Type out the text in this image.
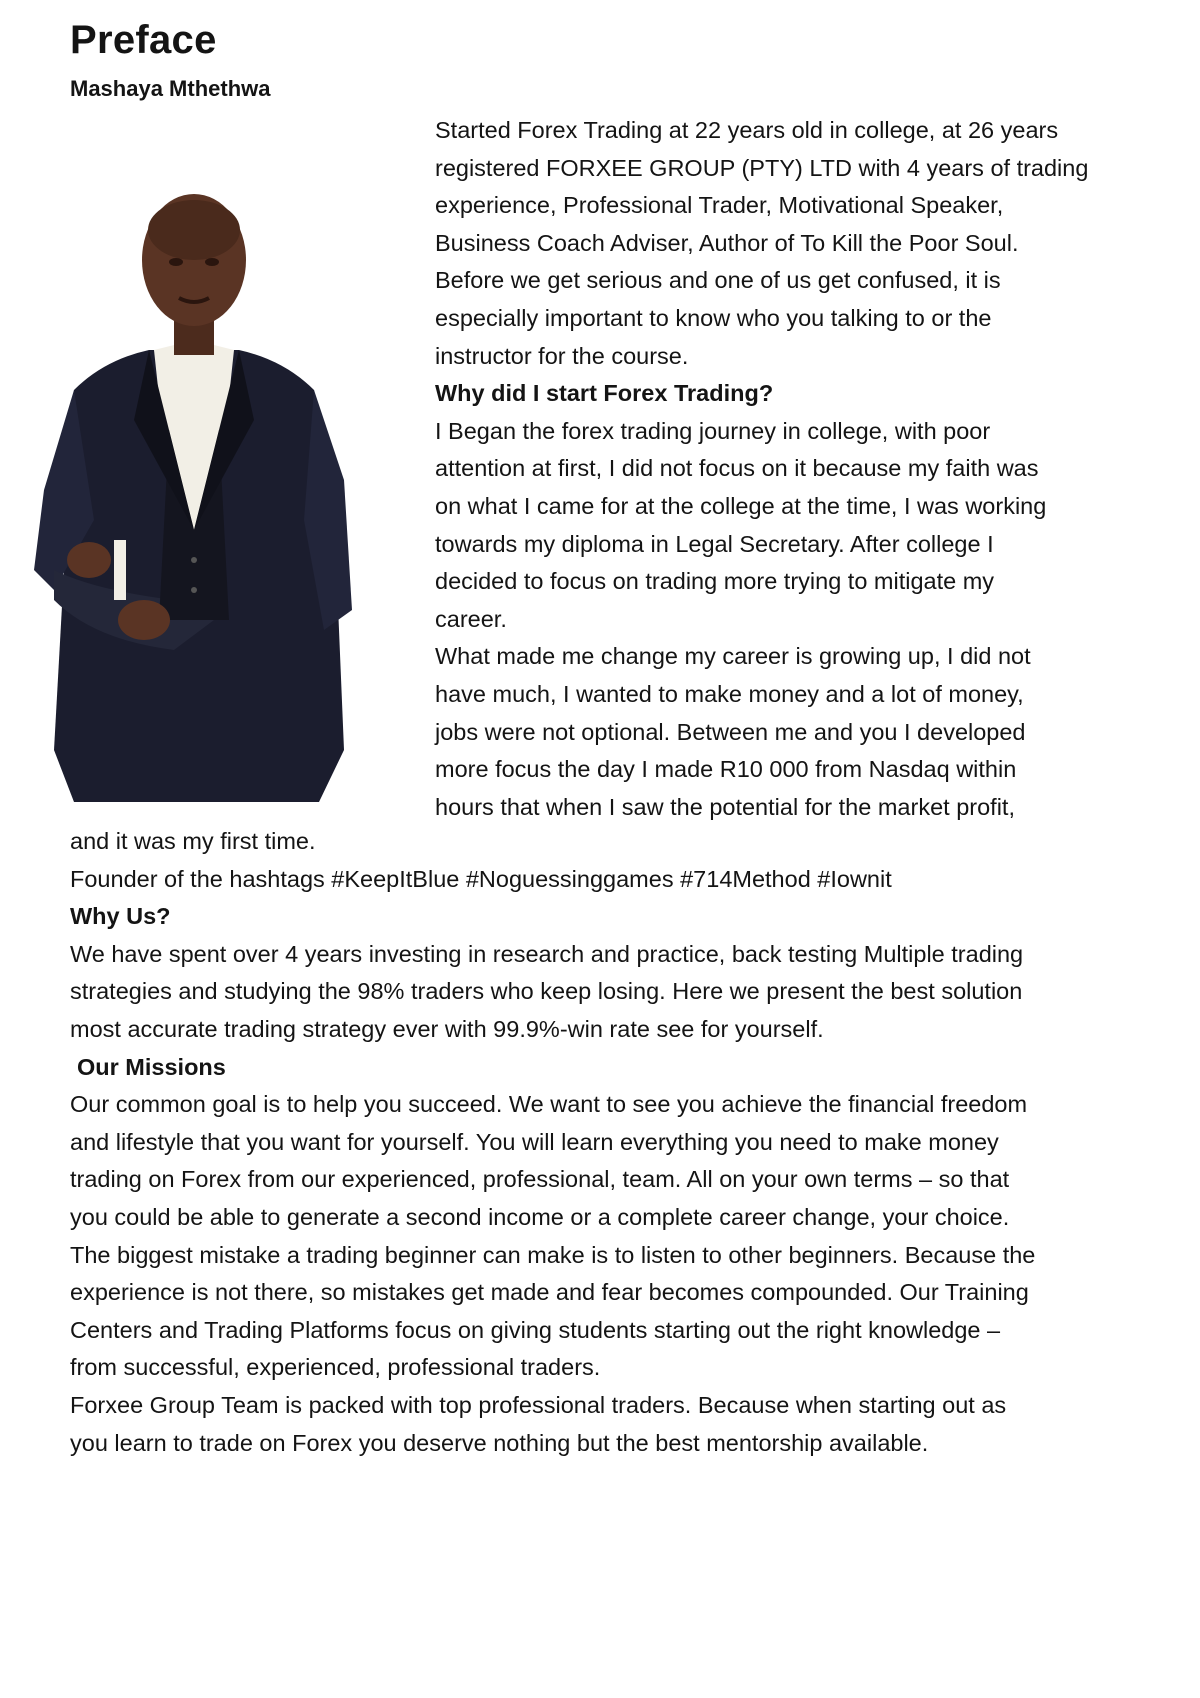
Preface
Mashaya Mthethwa

Started Forex Trading at 22 years old in college, at 26 years
registered FORXEE GROUP (PTY) LTD with 4 years of trading
experience, Professional Trader, Motivational Speaker,
Business Coach Adviser, Author of To Kill the Poor Soul.
Before we get serious and one of us get confused, it is
especially important to know who you talking to or the
instructor for the course.

Why did I start Forex Trading?
I Began the forex trading journey in college, with poor
attention at first, I did not focus on it because my faith was
on what I came for at the college at the time, I was working
towards my diploma in Legal Secretary. After college I
decided to focus on trading more trying to mitigate my
career.
What made me change my career is growing up, I did not
have much, I wanted to make money and a lot of money,
jobs were not optional. Between me and you I developed
more focus the day I made R10 000 from Nasdaq within
hours that when I saw the potential for the market profit,

and it was my first time.
Founder of the hashtags #KeepItBlue #Noguessinggames #714Method #Iownit

Why Us?
We have spent over 4 years investing in research and practice, back testing Multiple trading
strategies and studying the 98% traders who keep losing. Here we present the best solution
most accurate trading strategy ever with 99.9%-win rate see for yourself.

Our Missions
Our common goal is to help you succeed. We want to see you achieve the financial freedom
and lifestyle that you want for yourself. You will learn everything you need to make money
trading on Forex from our experienced, professional, team. All on your own terms – so that
you could be able to generate a second income or a complete career change, your choice.
The biggest mistake a trading beginner can make is to listen to other beginners. Because the
experience is not there, so mistakes get made and fear becomes compounded. Our Training
Centers and Trading Platforms focus on giving students starting out the right knowledge –
from successful, experienced, professional traders.
Forxee Group Team is packed with top professional traders. Because when starting out as
you learn to trade on Forex you deserve nothing but the best mentorship available.
